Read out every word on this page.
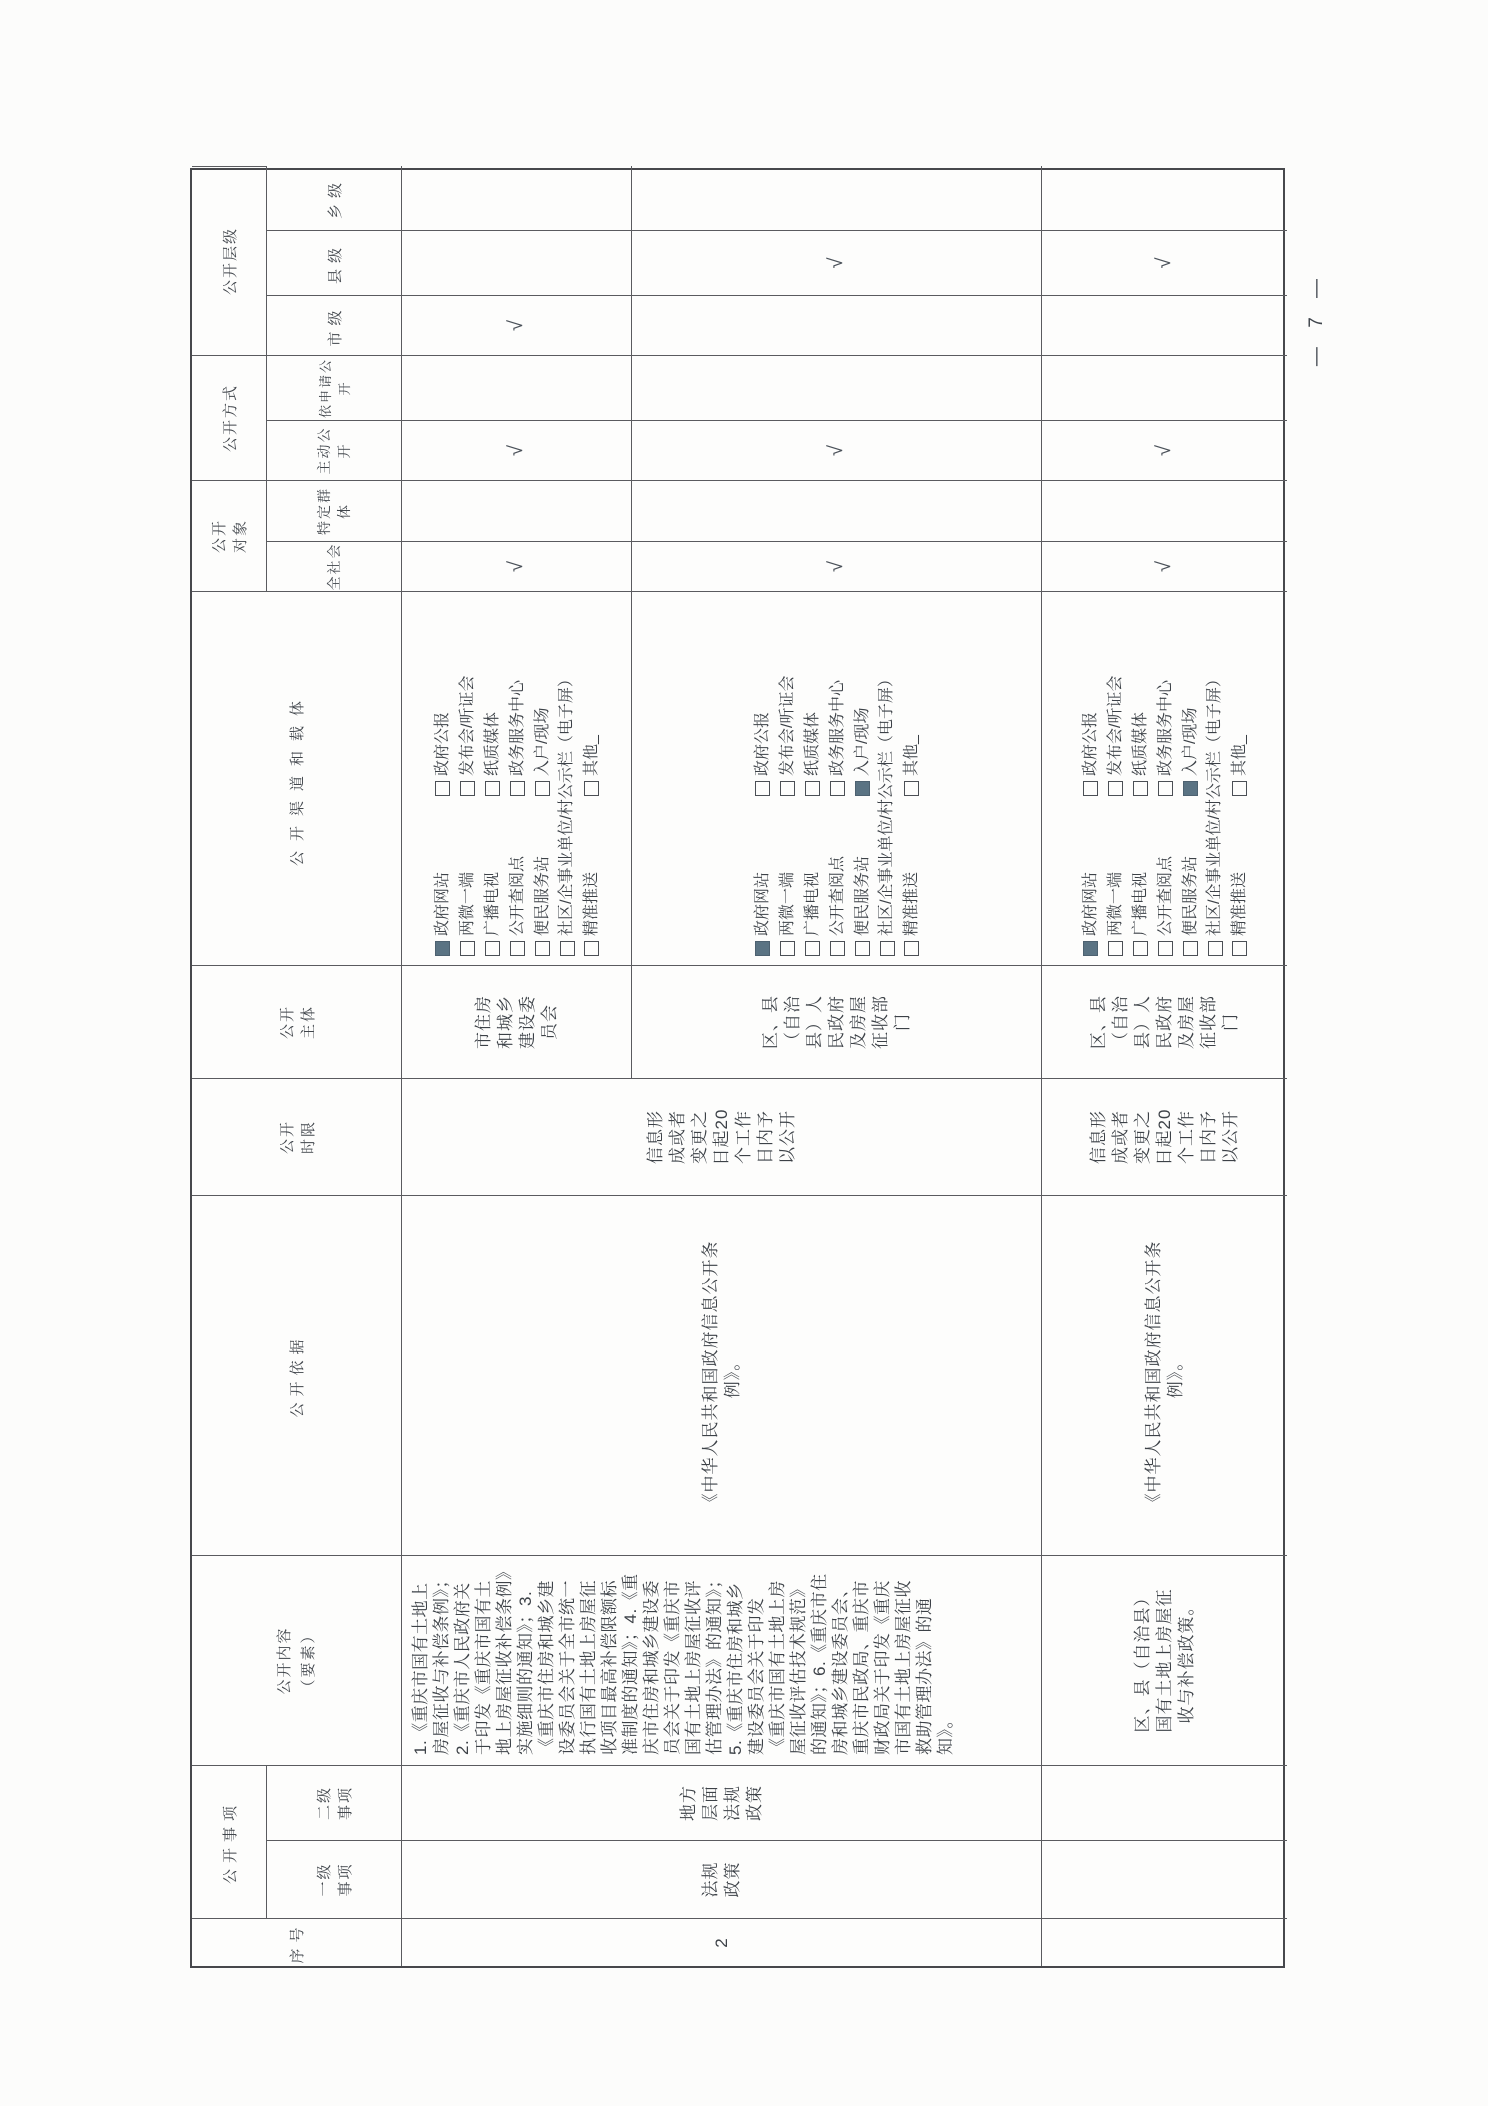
序号
公开事项	一级事项
二级事项
公开内容 （要素）
公开依据
公开时限
公开主体
公开渠道和载体
公开对象
全社会
特定群体
公开方式	主动公开
依申请公开
公开层级
市级
县级
乡级
2
法规政策
地方层面法规政策
1.《重庆市国有土地上房屋征收与补偿条例》；2.《重庆市人民政府关于印发《重庆市国有土地上房屋征收补偿条例》实施细则的通知》；3.《重庆市住房和城乡建设委员会关于全市统一执行国有土地上房屋征收项目最高补偿限额标准制度的通知》；4.《重庆市住房和城乡建设委员会关于印发《重庆市国有土地上房屋征收评估管理办法》的通知》；5.《重庆市住房和城乡建设委员会关于印发《重庆市国有土地上房屋征收评估技术规范》的通知》；6.《重庆市住房和城乡建设委员会、重庆市民政局、重庆市财政局关于印发《重庆市国有土地上房屋征收救助管理办法》的通知》。
《中华人民共和国政府信息公开条例》。
信息形成或者变更之日起20个工作日内予以公开
市住房和城乡建设委员会
政府网站
政府公报
两微一端
发布会/听证会
广播电视
纸质媒体
公开查阅点
政务服务中心
便民服务站
入户/现场 社区/企事业单位/村公示栏（电子屏） 精准推送
其他_
√
√
√
区、县（自治县）人民政府及房屋征收部门
政府网站
政府公报
两微一端
发布会/听证会
广播电视
纸质媒体
公开查阅点
政务服务中心
便民服务站
入户/现场 社区/企事业单位/村公示栏（电子屏） 精准推送
其他_
√
√
√
区、县（自治县）国有土地上房屋征收与补偿政策。
《中华人民共和国政府信息公开条例》。
信息形成或者变更之日起20个工作日内予以公开
区、县（自治县）人民政府及房屋征收部门
政府网站
政府公报
两微一端
发布会/听证会
广播电视
纸质媒体
公开查阅点
政务服务中心
便民服务站
入户/现场 社区/企事业单位/村公示栏（电子屏） 精准推送
其他_
√
√
√
— 7 —
